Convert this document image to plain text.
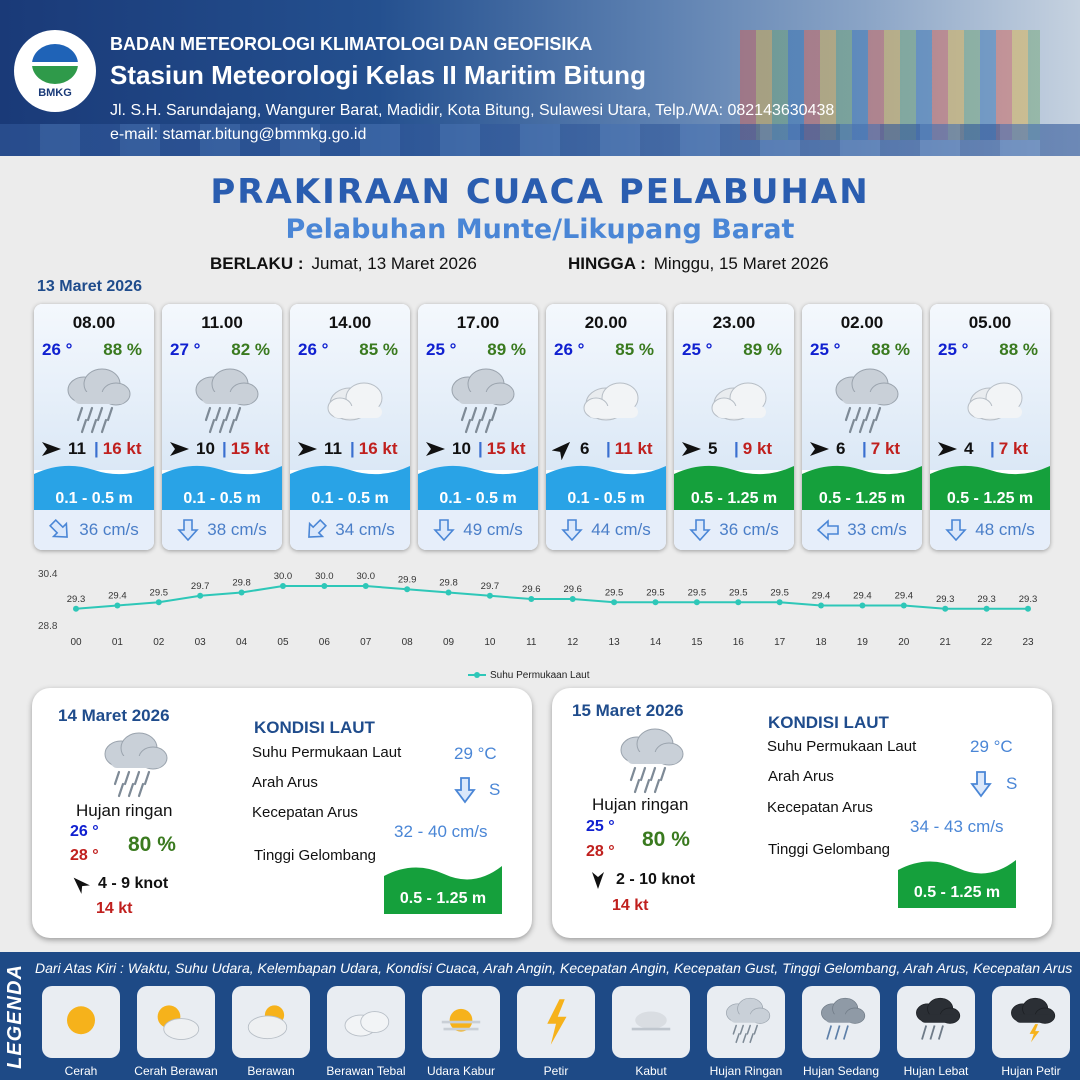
BMKG
BADAN METEOROLOGI KLIMATOLOGI DAN GEOFISIKA
Stasiun Meteorologi Kelas II Maritim Bitung
Jl. S.H. Sarundajang, Wangurer Barat, Madidir, Kota Bitung, Sulawesi Utara, Telp./WA: 082143630438
e-mail: stamar.bitung@bmmkg.go.id
PRAKIRAAN CUACA PELABUHAN
Pelabuhan Munte/Likupang Barat
BERLAKU : Jumat, 13 Maret 2026	HINGGA : Minggu, 15 Maret 2026
13 Maret 2026
08.00
26 ° 88 %
11 | 16 kt
0.1 - 0.5 m
36 cm/s
11.00
27 ° 82 %
10 | 15 kt
0.1 - 0.5 m
38 cm/s
14.00
26 ° 85 %
11 | 16 kt
0.1 - 0.5 m
34 cm/s
17.00
25 ° 89 %
10 | 15 kt
0.1 - 0.5 m
49 cm/s
20.00
26 ° 85 %
6 | 11 kt
0.1 - 0.5 m
44 cm/s
23.00
25 ° 89 %
5 | 9 kt
0.5 - 1.25 m
36 cm/s
02.00
25 ° 88 %
6 | 7 kt
0.5 - 1.25 m
33 cm/s
05.00
25 ° 88 %
4 | 7 kt
0.5 - 1.25 m
48 cm/s
30.4
28.8
29.3
00
29.4
01
29.5
02
29.7
03
29.8
04
30.0
05
30.0
06
30.0
07
29.9
08
29.8
09
29.7
10
29.6
11
29.6
12
29.5
13
29.5
14
29.5
15
29.5
16
29.5
17
29.4
18
29.4
19
29.4
20
29.3
21
29.3
22
29.3
23
Suhu Permukaan Laut
14 Maret 2026
Hujan ringan
26 °
28 ° 80 %
4 - 9 knot
14 kt
KONDISI LAUT
Suhu Permukaan Laut	29 °C
Arah Arus	S
Kecepatan Arus
32 - 40 cm/s
Tinggi Gelombang
0.5 - 1.25 m
15 Maret 2026
Hujan ringan
25 °
28 °
80 %
2 - 10 knot
14 kt
KONDISI LAUT
Suhu Permukaan Laut	29 °C
Arah Arus	S
Kecepatan Arus
34 - 43 cm/s
Tinggi Gelombang
0.5 - 1.25 m
LEGENDA Dari Atas Kiri : Waktu, Suhu Udara, Kelembapan Udara, Kondisi Cuaca, Arah Angin, Kecepatan Angin, Kecepatan Gust, Tinggi Gelombang, Arah Arus, Kecepatan Arus
Cerah	Cerah Berawan	Berawan	Berawan Tebal	Udara Kabur	Petir	Kabut	Hujan Ringan	Hujan Sedang	Hujan Lebat	Hujan Petir
